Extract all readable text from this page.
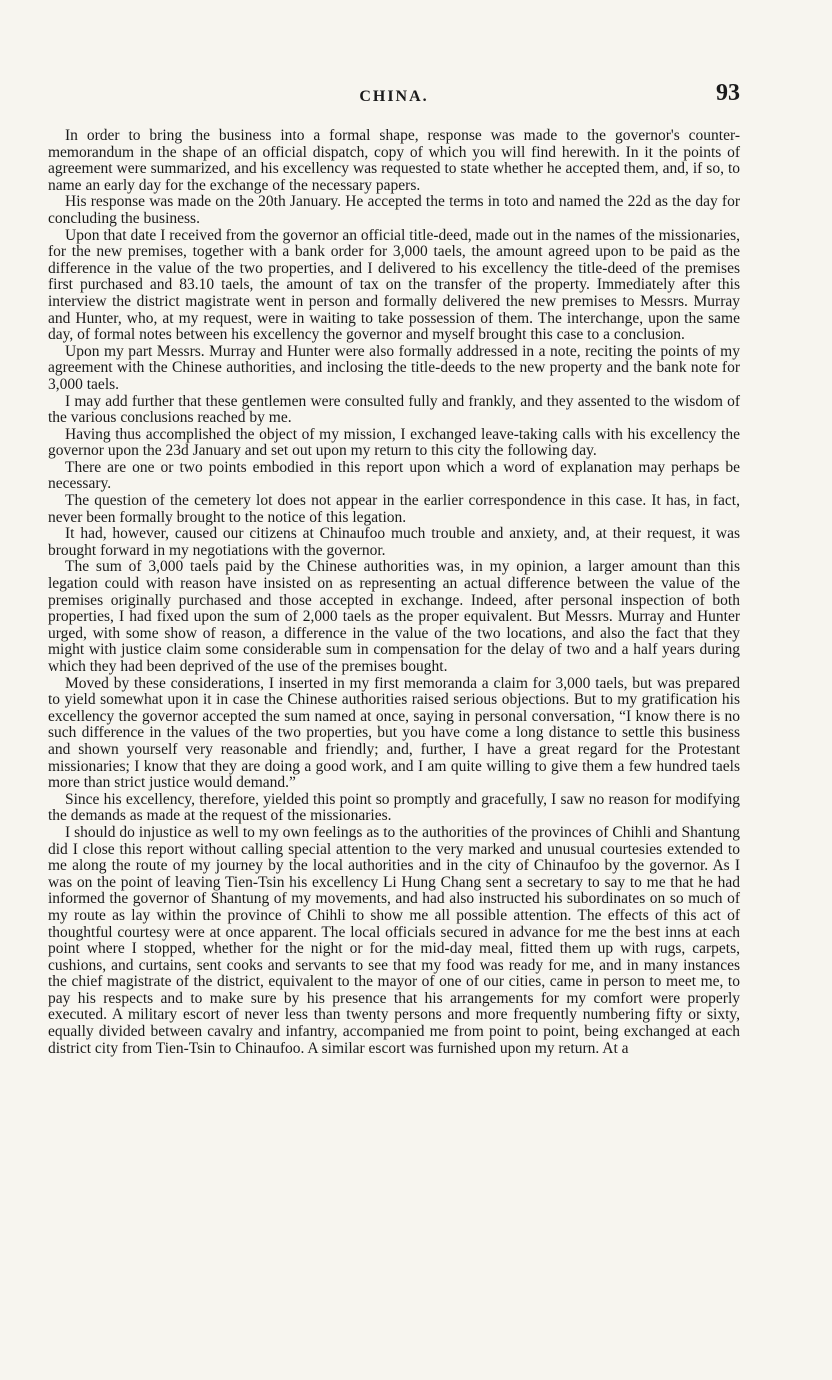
CHINA.	93

In order to bring the business into a formal shape, response was made to the governor's counter-memorandum in the shape of an official dispatch, copy of which you will find herewith. In it the points of agreement were summarized, and his excellency was requested to state whether he accepted them, and, if so, to name an early day for the exchange of the necessary papers.

His response was made on the 20th January. He accepted the terms in toto and named the 22d as the day for concluding the business.

Upon that date I received from the governor an official title-deed, made out in the names of the missionaries, for the new premises, together with a bank order for 3,000 taels, the amount agreed upon to be paid as the difference in the value of the two properties, and I delivered to his excellency the title-deed of the premises first purchased and 83.10 taels, the amount of tax on the transfer of the property. Immediately after this interview the district magistrate went in person and formally delivered the new premises to Messrs. Murray and Hunter, who, at my request, were in waiting to take possession of them. The interchange, upon the same day, of formal notes between his excellency the governor and myself brought this case to a conclusion.

Upon my part Messrs. Murray and Hunter were also formally addressed in a note, reciting the points of my agreement with the Chinese authorities, and inclosing the title-deeds to the new property and the bank note for 3,000 taels.

I may add further that these gentlemen were consulted fully and frankly, and they assented to the wisdom of the various conclusions reached by me.

Having thus accomplished the object of my mission, I exchanged leave-taking calls with his excellency the governor upon the 23d January and set out upon my return to this city the following day.

There are one or two points embodied in this report upon which a word of explanation may perhaps be necessary.

The question of the cemetery lot does not appear in the earlier correspondence in this case. It has, in fact, never been formally brought to the notice of this legation.

It had, however, caused our citizens at Chinaufoo much trouble and anxiety, and, at their request, it was brought forward in my negotiations with the governor.

The sum of 3,000 taels paid by the Chinese authorities was, in my opinion, a larger amount than this legation could with reason have insisted on as representing an actual difference between the value of the premises originally purchased and those accepted in exchange. Indeed, after personal inspection of both properties, I had fixed upon the sum of 2,000 taels as the proper equivalent. But Messrs. Murray and Hunter urged, with some show of reason, a difference in the value of the two locations, and also the fact that they might with justice claim some considerable sum in compensation for the delay of two and a half years during which they had been deprived of the use of the premises bought.

Moved by these considerations, I inserted in my first memoranda a claim for 3,000 taels, but was prepared to yield somewhat upon it in case the Chinese authorities raised serious objections. But to my gratification his excellency the governor accepted the sum named at once, saying in personal conversation, “I know there is no such difference in the values of the two properties, but you have come a long distance to settle this business and shown yourself very reasonable and friendly; and, further, I have a great regard for the Protestant missionaries; I know that they are doing a good work, and I am quite willing to give them a few hundred taels more than strict justice would demand.”

Since his excellency, therefore, yielded this point so promptly and gracefully, I saw no reason for modifying the demands as made at the request of the missionaries.

I should do injustice as well to my own feelings as to the authorities of the provinces of Chihli and Shantung did I close this report without calling special attention to the very marked and unusual courtesies extended to me along the route of my journey by the local authorities and in the city of Chinaufoo by the governor. As I was on the point of leaving Tien-Tsin his excellency Li Hung Chang sent a secretary to say to me that he had informed the governor of Shantung of my movements, and had also instructed his subordinates on so much of my route as lay within the province of Chihli to show me all possible attention. The effects of this act of thoughtful courtesy were at once apparent. The local officials secured in advance for me the best inns at each point where I stopped, whether for the night or for the mid-day meal, fitted them up with rugs, carpets, cushions, and curtains, sent cooks and servants to see that my food was ready for me, and in many instances the chief magistrate of the district, equivalent to the mayor of one of our cities, came in person to meet me, to pay his respects and to make sure by his presence that his arrangements for my comfort were properly executed. A military escort of never less than twenty persons and more frequently numbering fifty or sixty, equally divided between cavalry and infantry, accompanied me from point to point, being exchanged at each district city from Tien-Tsin to Chinaufoo. A similar escort was furnished upon my return. At a
